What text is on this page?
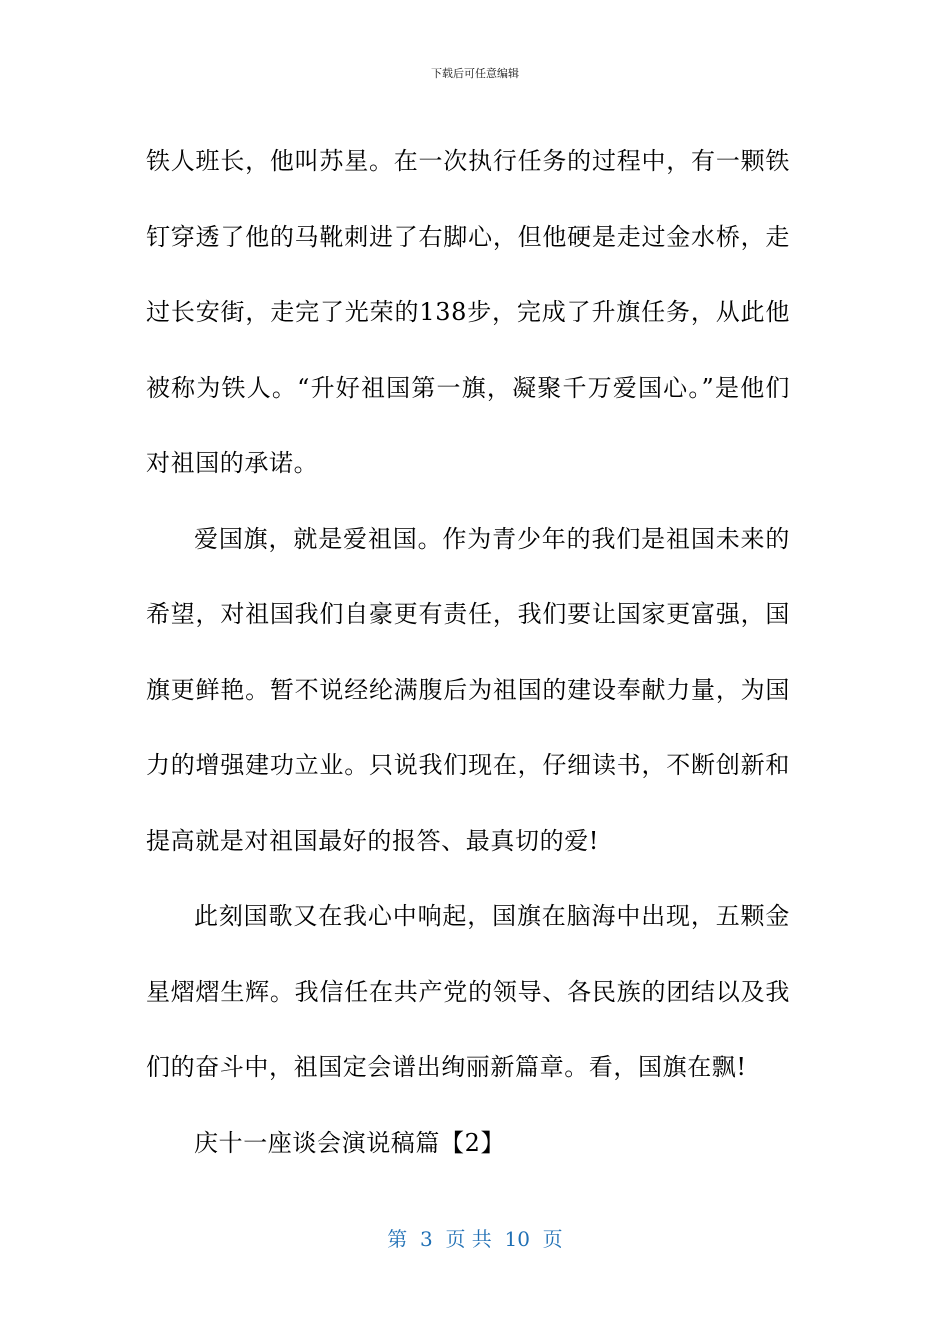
下载后可任意编辑

铁人班长，他叫苏星。在一次执行任务的过程中，有一颗铁钉穿透了他的马靴刺进了右脚心，但他硬是走过金水桥，走过长安街，走完了光荣的138步，完成了升旗任务，从此他被称为铁人。“升好祖国第一旗，凝聚千万爱国心。”是他们对祖国的承诺。

爱国旗，就是爱祖国。作为青少年的我们是祖国未来的希望，对祖国我们自豪更有责任，我们要让国家更富强，国旗更鲜艳。暂不说经纶满腹后为祖国的建设奉献力量，为国力的增强建功立业。只说我们现在，仔细读书，不断创新和提高就是对祖国最好的报答、最真切的爱!

此刻国歌又在我心中响起，国旗在脑海中出现，五颗金星熠熠生辉。我信任在共产党的领导、各民族的团结以及我们的奋斗中，祖国定会谱出绚丽新篇章。看，国旗在飘!

庆十一座谈会演说稿篇【2】

第  3  页 共  10  页
